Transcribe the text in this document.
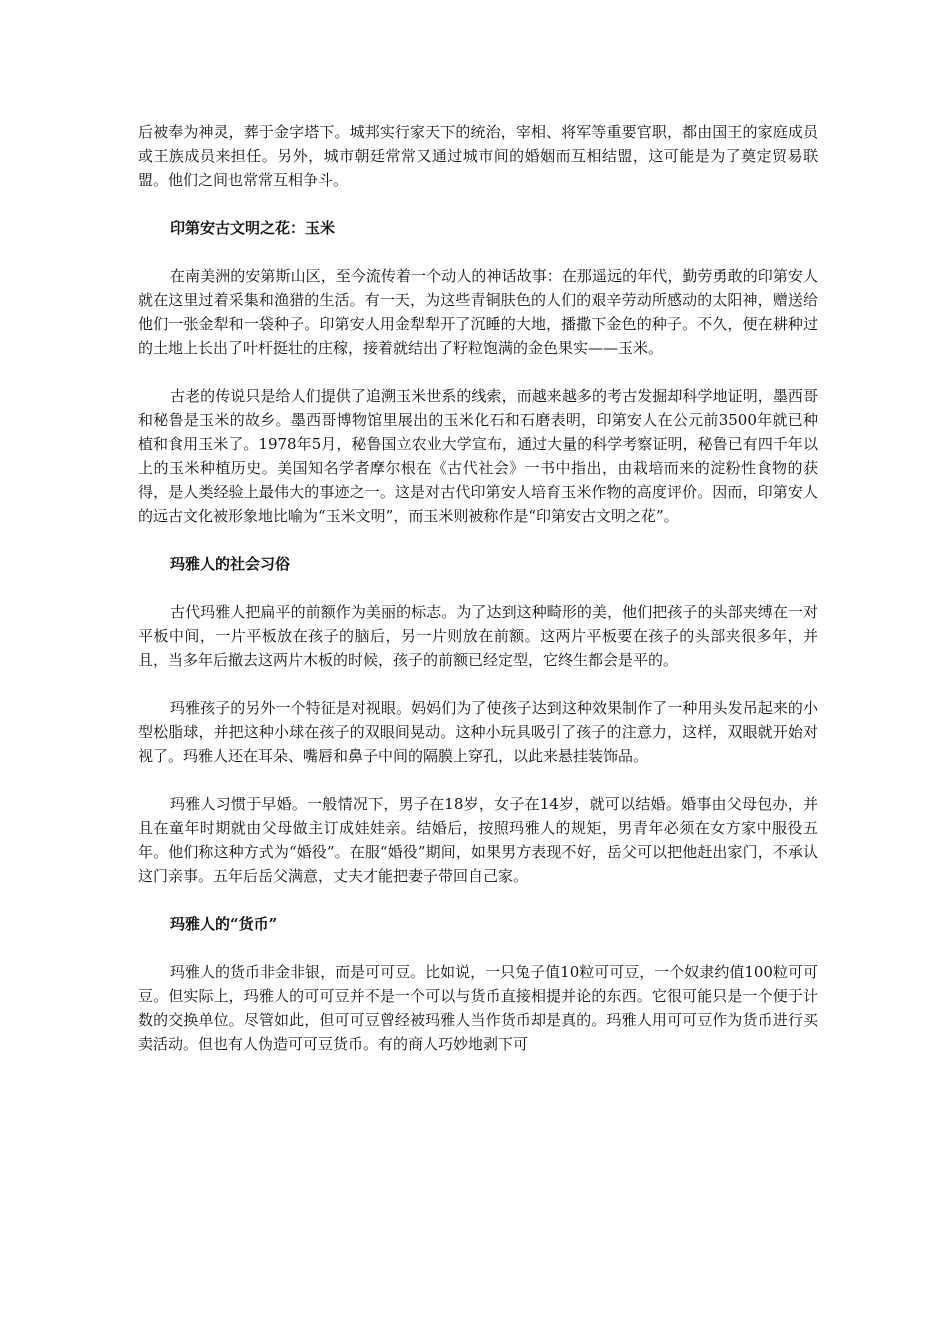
后被奉为神灵，葬于金字塔下。城邦实行家天下的统治，宰相、将军等重要官职，都由国王的家庭成员或王族成员来担任。另外，城市朝廷常常又通过城市间的婚姻而互相结盟，这可能是为了奠定贸易联盟。他们之间也常常互相争斗。

印第安古文明之花：玉米

在南美洲的安第斯山区，至今流传着一个动人的神话故事：在那遥远的年代，勤劳勇敢的印第安人就在这里过着采集和渔猎的生活。有一天，为这些青铜肤色的人们的艰辛劳动所感动的太阳神，赠送给他们一张金犁和一袋种子。印第安人用金犁犁开了沉睡的大地，播撒下金色的种子。不久，便在耕种过的土地上长出了叶杆挺壮的庄稼，接着就结出了籽粒饱满的金色果实——玉米。

古老的传说只是给人们提供了追溯玉米世系的线索，而越来越多的考古发掘却科学地证明，墨西哥和秘鲁是玉米的故乡。墨西哥博物馆里展出的玉米化石和石磨表明，印第安人在公元前3500年就已种植和食用玉米了。1978年5月，秘鲁国立农业大学宣布，通过大量的科学考察证明，秘鲁已有四千年以上的玉米种植历史。美国知名学者摩尔根在《古代社会》一书中指出，由栽培而来的淀粉性食物的获得，是人类经验上最伟大的事迹之一。这是对古代印第安人培育玉米作物的高度评价。因而，印第安人的远古文化被形象地比喻为“玉米文明”，而玉米则被称作是“印第安古文明之花”。

玛雅人的社会习俗

古代玛雅人把扁平的前额作为美丽的标志。为了达到这种畸形的美，他们把孩子的头部夹缚在一对平板中间，一片平板放在孩子的脑后，另一片则放在前额。这两片平板要在孩子的头部夹很多年，并且，当多年后撤去这两片木板的时候，孩子的前额已经定型，它终生都会是平的。

玛雅孩子的另外一个特征是对视眼。妈妈们为了使孩子达到这种效果制作了一种用头发吊起来的小型松脂球，并把这种小球在孩子的双眼间晃动。这种小玩具吸引了孩子的注意力，这样，双眼就开始对视了。玛雅人还在耳朵、嘴唇和鼻子中间的隔膜上穿孔，以此来悬挂装饰品。

玛雅人习惯于早婚。一般情况下，男子在18岁，女子在14岁，就可以结婚。婚事由父母包办，并且在童年时期就由父母做主订成娃娃亲。结婚后，按照玛雅人的规矩，男青年必须在女方家中服役五年。他们称这种方式为“婚役”。在服“婚役”期间，如果男方表现不好，岳父可以把他赶出家门，不承认这门亲事。五年后岳父满意，丈夫才能把妻子带回自己家。

玛雅人的“货币”

玛雅人的货币非金非银，而是可可豆。比如说，一只兔子值10粒可可豆，一个奴隶约值100粒可可豆。但实际上，玛雅人的可可豆并不是一个可以与货币直接相提并论的东西。它很可能只是一个便于计数的交换单位。尽管如此，但可可豆曾经被玛雅人当作货币却是真的。玛雅人用可可豆作为货币进行买卖活动。但也有人伪造可可豆货币。有的商人巧妙地剥下可
